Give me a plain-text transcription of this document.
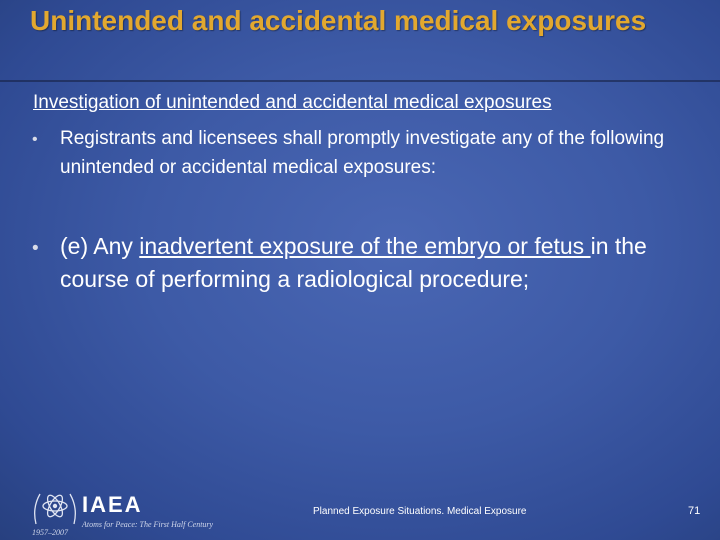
Unintended and accidental medical exposures
Investigation of unintended and accidental medical exposures
• Registrants and licensees shall promptly investigate any of the following unintended or accidental medical exposures:
• (e) Any inadvertent exposure of the embryo or fetus in the course of performing a radiological procedure;
IAEA
Atoms for Peace: The First Half Century
1957–2007
Planned Exposure Situations. Medical Exposure	71
